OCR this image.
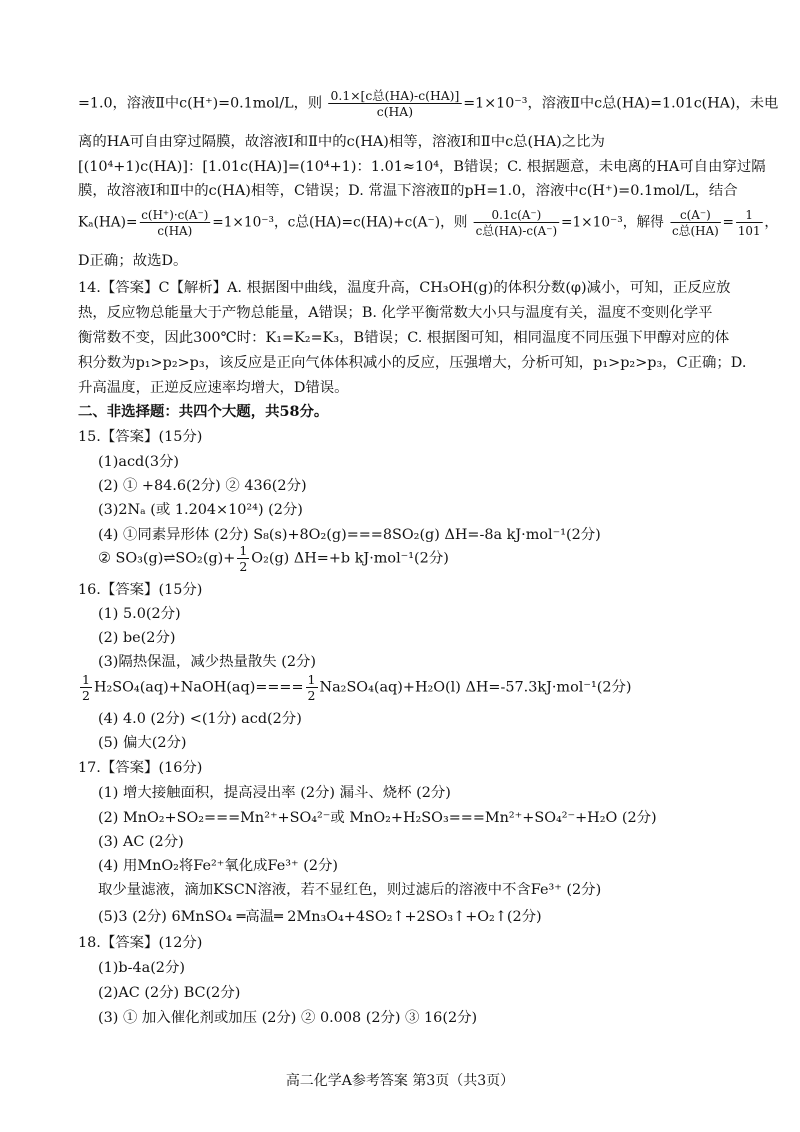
=1.0，溶液Ⅱ中c(H⁺)=0.1mol/L，则 $\frac{\text{0.1×[c总(HA)-c(HA)]}}{c(HA)} =1\times 10^{-3}$，溶液Ⅱ中c总(HA)=1.01c(HA)，未电
离的HA可自由穿过隔膜，故溶液Ⅰ和Ⅱ中的c(HA)相等，溶液Ⅰ和Ⅱ中c总(HA)之比为
[(10⁴+1)c(HA)]：[1.01c(HA)]=(10⁴+1)：1.01≈10⁴，B错误；C. 根据题意，未电离的HA可自由穿过隔
膜，故溶液Ⅰ和Ⅱ中的c(HA)相等，C错误；D. 常温下溶液Ⅱ的pH=1.0，溶液中c(H⁺)=0.1mol/L，结合
$K_a(HA)= \frac{c(H^+)\cdot c(A^-)}{c(HA)} =1\times 10^{-3}$，c总(HA)=c(HA)+c(A⁻)，则 $\frac{0.1c(A^-)}{\text{c总(HA)-c(A⁻)}} =1\times 10^{-3}$，解得 $\frac{c(A^-)}{\text{c总(HA)}} = \frac{1}{101}$ ，
D正确；故选D。
14.【答案】C【解析】A. 根据图中曲线，温度升高，CH₃OH(g)的体积分数(φ)减小，可知，正反应放
热，反应物总能量大于产物总能量，A错误；B. 化学平衡常数大小只与温度有关，温度不变则化学平
衡常数不变，因此300℃时：K₁=K₂=K₃，B错误；C. 根据图可知，相同温度不同压强下甲醇对应的体
积分数为p₁>p₂>p₃，该反应是正向气体体积减小的反应，压强增大，分析可知，p₁>p₂>p₃，C正确；D.
升高温度，正逆反应速率均增大，D错误。
二、非选择题：共四个大题，共58分。
15.【答案】(15分)
(1)acd(3分)
(2) ① +84.6(2分) ② 436(2分)
(3)2Nₐ (或 1.204×10²⁴) (2分)
(4) ①同素异形体 (2分) S₈(s)+8O₂(g)===8SO₂(g) ΔH=-8a kJ·mol⁻¹(2分)
② SO₃(g)⇌SO₂(g)+ $\frac{1}{2} O_2(g)$ ΔH=+b kJ·mol⁻¹(2分)
16.【答案】(15分)
(1) 5.0(2分)
(2) be(2分)
(3)隔热保温，减少热量散失 (2分)
$\frac{1}{2}$ H₂SO₄(aq)+NaOH(aq)==== $\frac{1}{2} Na_2SO_4(aq)+H_2O(l)$ ΔH=-57.3kJ·mol⁻¹(2分)
(4) 4.0 (2分) <(1分) acd(2分)
(5) 偏大(2分)
17.【答案】(16分)
(1) 增大接触面积，提高浸出率 (2分) 漏斗、烧杯 (2分)
(2) MnO₂+SO₂===Mn²⁺+SO₄²⁻或 MnO₂+H₂SO₃===Mn²⁺+SO₄²⁻+H₂O (2分)
(3) AC (2分)
(4) 用MnO₂将Fe²⁺氧化成Fe³⁺ (2分)
取少量滤液，滴加KSCN溶液，若不显红色，则过滤后的溶液中不含Fe³⁺ (2分)
(5)3 (2分) 6MnSO₄ ═高温═ 2Mn₃O₄+4SO₂↑+2SO₃↑+O₂↑(2分)
18.【答案】(12分)
(1)b-4a(2分)
(2)AC (2分) BC(2分)
(3) ① 加入催化剂或加压 (2分) ② 0.008 (2分) ③ 16(2分)
高二化学A参考答案 第3页（共3页）
